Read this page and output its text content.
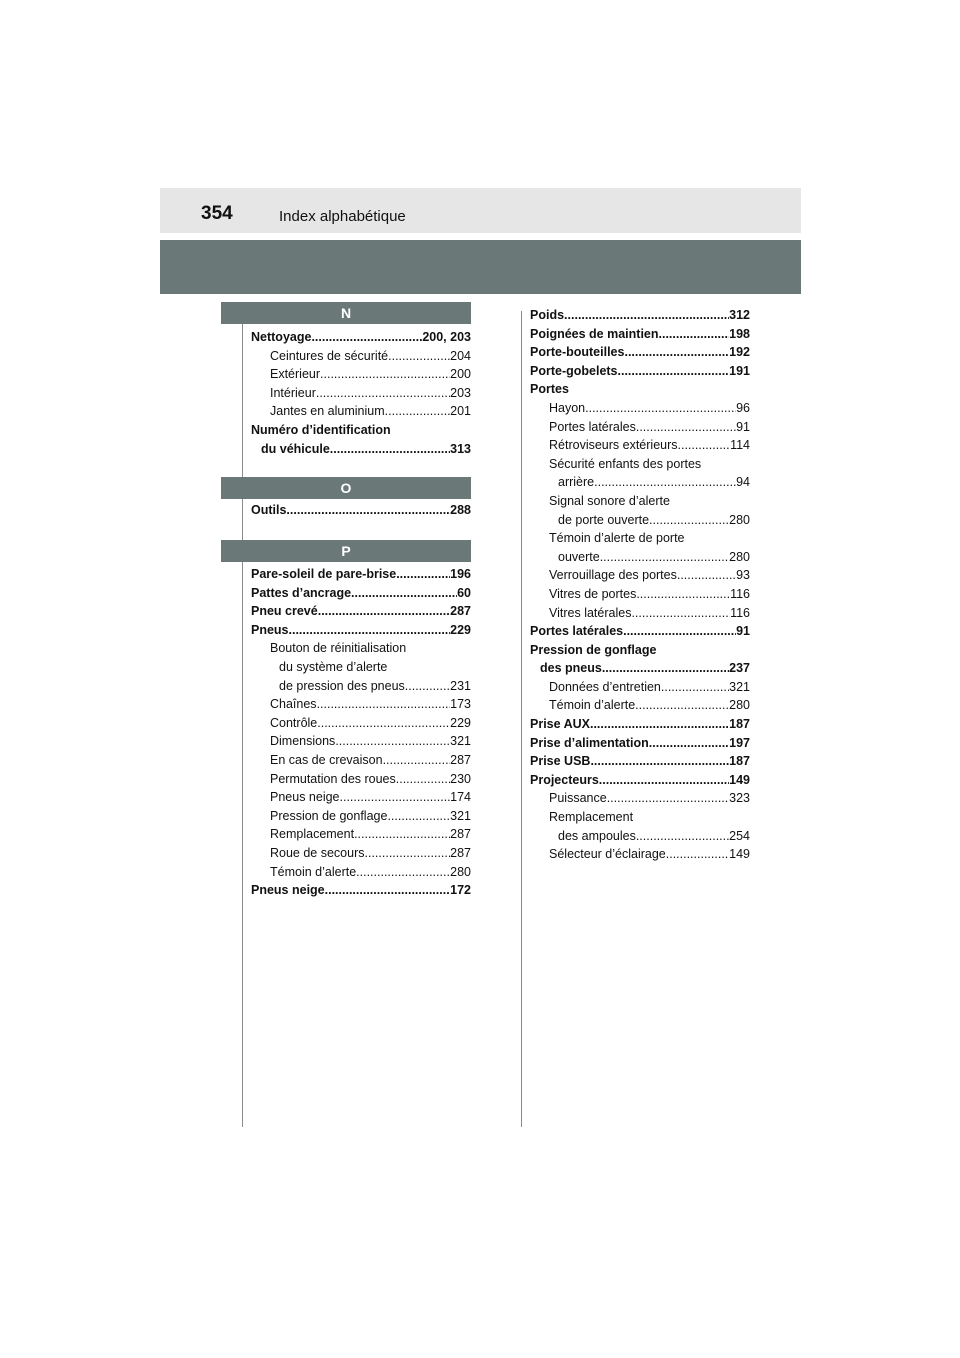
354	Index alphabétique
N
O
P
Nettoyage .....	200, 203
Ceintures de sécurité .....	204
Extérieur .....	200
Intérieur .....	203
Jantes en aluminium .....	201
Numéro d’identification
du véhicule .....	313
Outils .....	288
Pare-soleil de pare-brise .....	196
Pattes d’ancrage .....	60
Pneu crevé .....	287
Pneus .....	229
Bouton de réinitialisation
du système d’alerte
de pression des pneus .....	231
Chaînes .....	173
Contrôle .....	229
Dimensions .....	321
En cas de crevaison .....	287
Permutation des roues .....	230
Pneus neige .....	174
Pression de gonflage .....	321
Remplacement .....	287
Roue de secours .....	287
Témoin d’alerte .....	280
Pneus neige .....	172
Poids .....	312
Poignées de maintien .....	198
Porte-bouteilles .....	192
Porte-gobelets .....	191
Portes
Hayon .....	96
Portes latérales .....	91
Rétroviseurs extérieurs .....	114
Sécurité enfants des portes
arrière .....	94
Signal sonore d’alerte
de porte ouverte .....	280
Témoin d’alerte de porte
ouverte .....	280
Verrouillage des portes .....	93
Vitres de portes .....	116
Vitres latérales .....	116
Portes latérales .....	91
Pression de gonflage
des pneus .....	237
Données d’entretien .....	321
Témoin d’alerte .....	280
Prise AUX .....	187
Prise d’alimentation .....	197
Prise USB .....	187
Projecteurs .....	149
Puissance .....	323
Remplacement
des ampoules .....	254
Sélecteur d’éclairage .....	149
